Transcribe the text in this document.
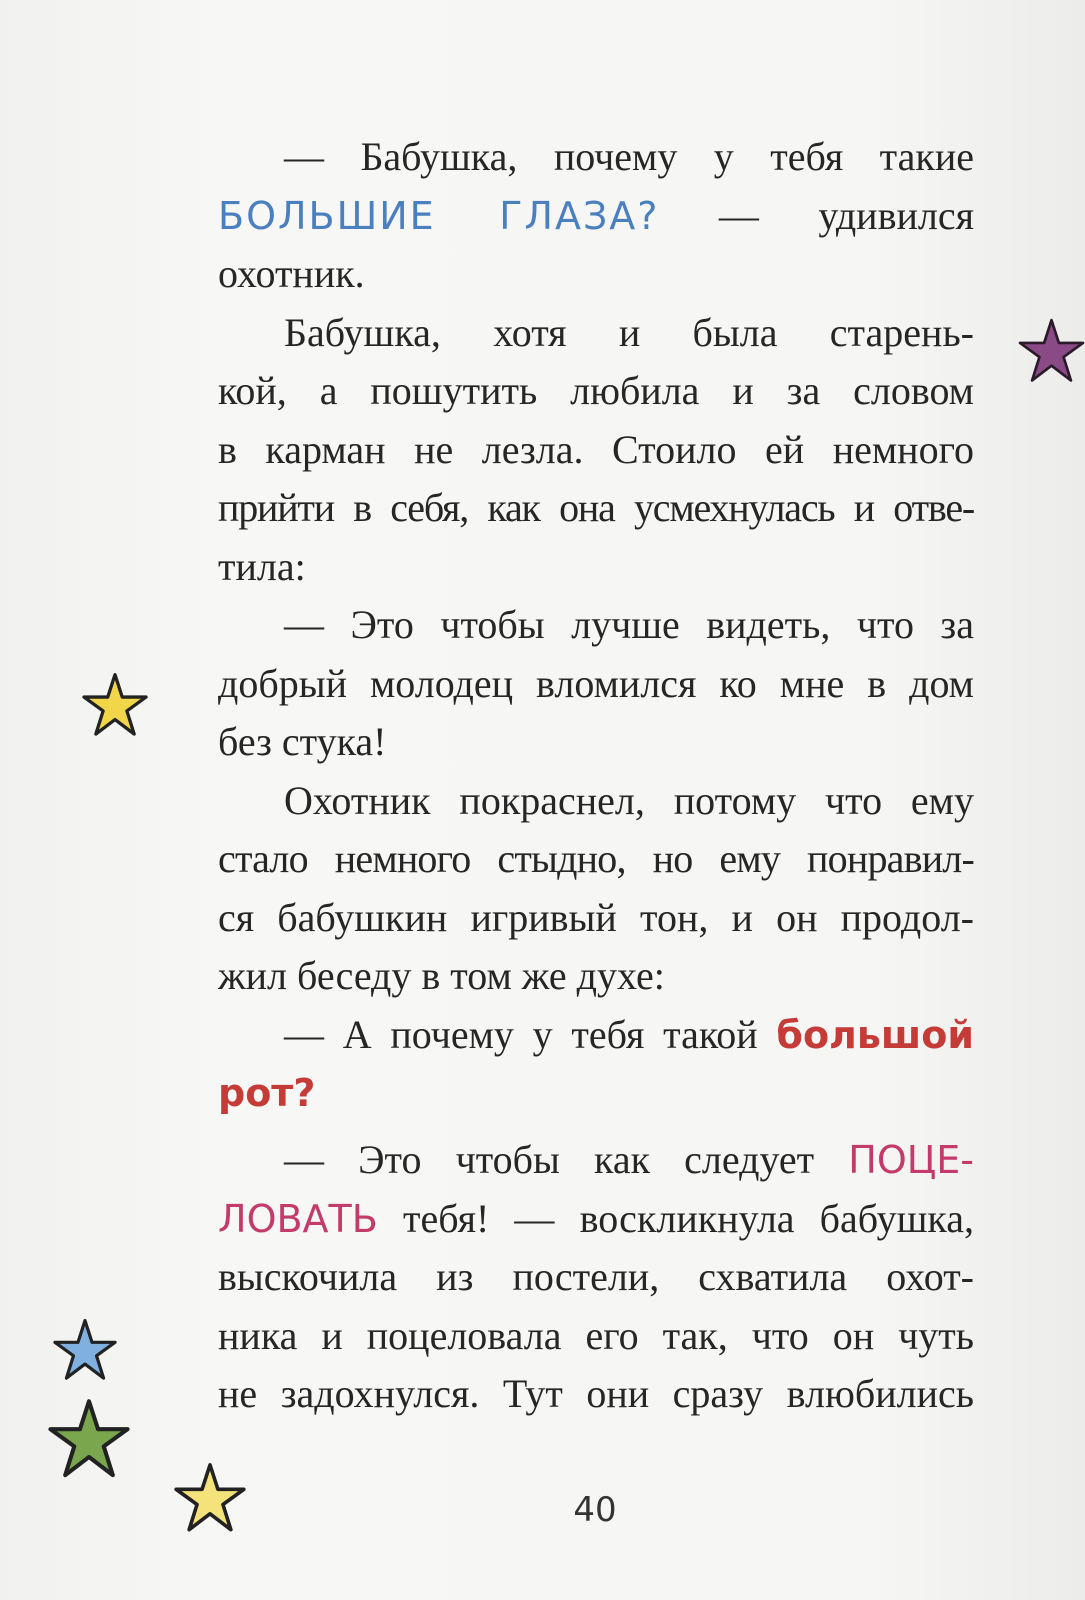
— Бабушка, почему у тебя такие
БОЛЬШИЕ ГЛАЗА? — удивился
охотник.
Бабушка, хотя и была старень-
кой, а пошутить любила и за словом
в карман не лезла. Стоило ей немного
прийти в себя, как она усмехнулась и отве-
тила:
— Это чтобы лучше видеть, что за
добрый молодец вломился ко мне в дом
без стука!
Охотник покраснел, потому что ему
стало немного стыдно, но ему понравил-
ся бабушкин игривый тон, и он продол-
жил беседу в том же духе:
— А почему у тебя такой большой
рот?
— Это чтобы как следует ПОЦЕ-
ЛОВАТЬ тебя! — воскликнула бабушка,
выскочила из постели, схватила охот-
ника и поцеловала его так, что он чуть
не задохнулся. Тут они сразу влюбились
40
